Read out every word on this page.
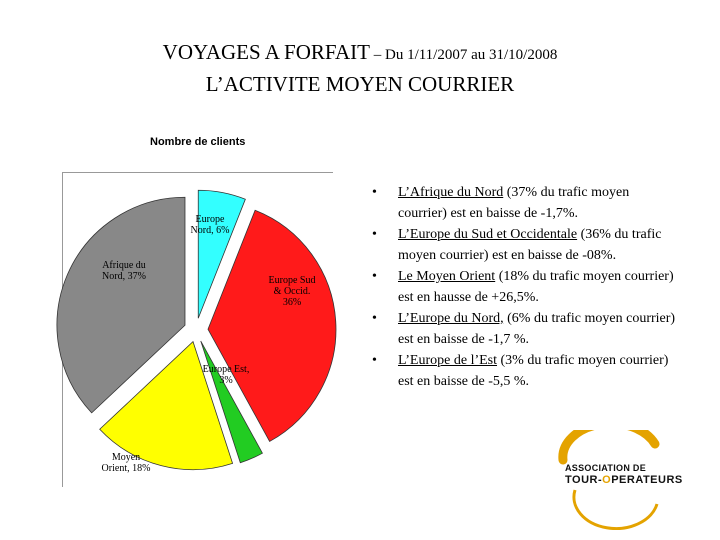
VOYAGES A FORFAIT – Du 1/11/2007 au 31/10/2008
L’ACTIVITE MOYEN COURRIER
Nombre de clients
Europe Nord, 6%
Europe Sud & Occid. 36%
Europe Est, 3%
Moyen Orient, 18%
Afrique du Nord, 37%
• L’Afrique du Nord (37% du trafic moyen courrier) est en baisse de -1,7%.
• L’Europe du Sud et Occidentale (36% du trafic moyen courrier) est en baisse de -08%.
• Le Moyen Orient (18% du trafic moyen courrier) est en hausse de +26,5%.
• L’Europe du Nord, (6% du trafic moyen courrier) est en baisse de -1,7 %.
• L’Europe de l’Est (3% du trafic moyen courrier) est en baisse de -5,5 %.
ASSOCIATION DE
TOUR-OPERATEURS
